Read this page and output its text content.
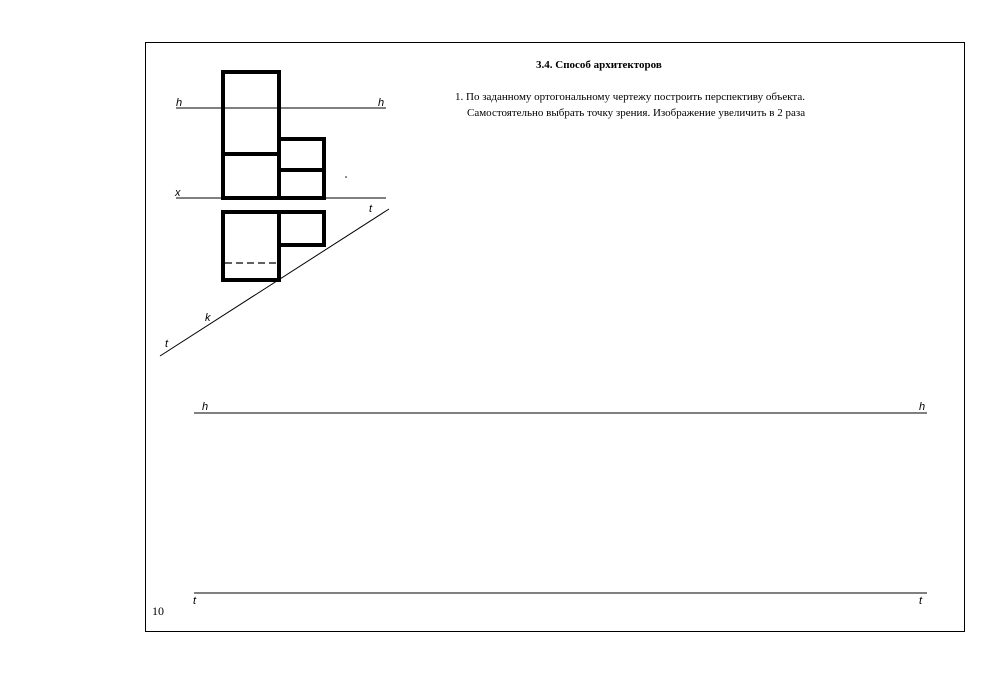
h	h
x
t
k
t
h	h
t	t
3.4. Способ архитекторов
1. По заданному ортогональному чертежу построить перспективу объекта.
Самостоятельно выбрать точку зрения. Изображение увеличить в 2 раза
10
